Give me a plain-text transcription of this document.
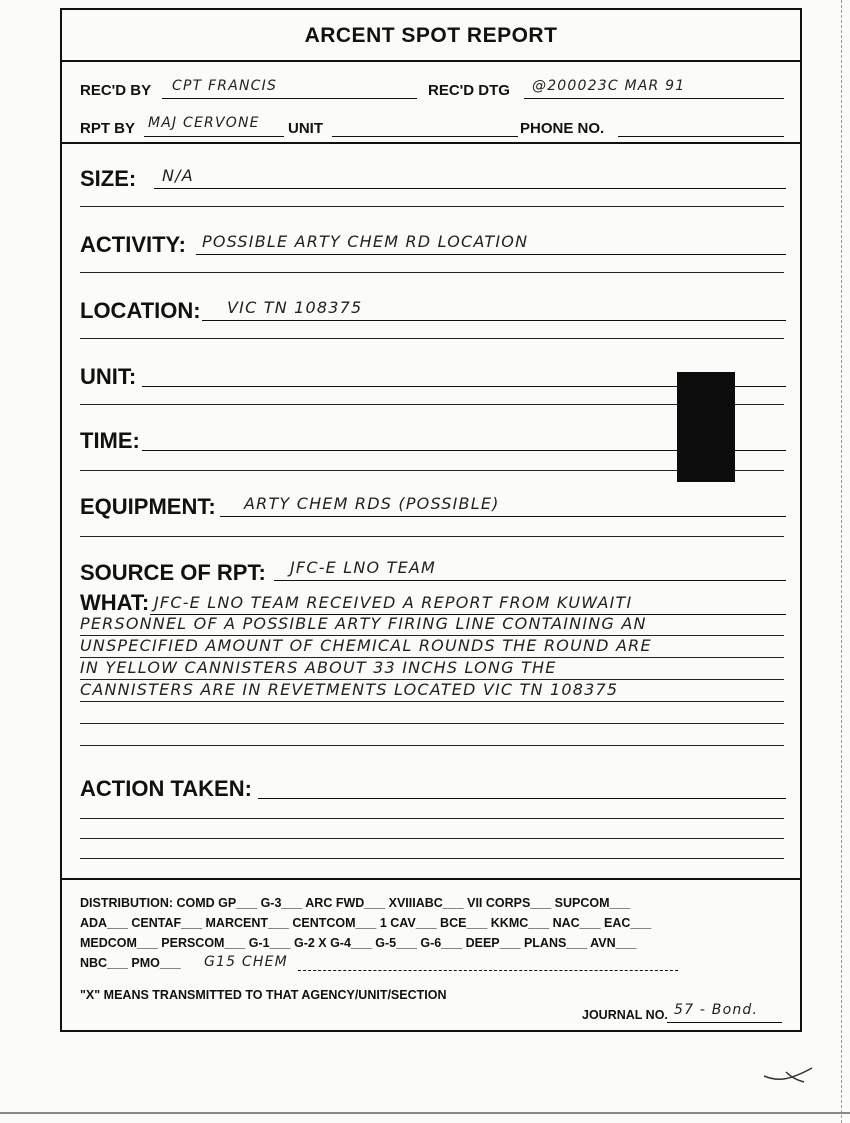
ARCENT SPOT REPORT
REC'D BY CPT FRANCIS	REC'D DTG @200023C MAR 91
RPT BY MAJ CERVONE UNIT	PHONE NO.
SIZE: N/A
ACTIVITY: POSSIBLE ARTY CHEM RD LOCATION
LOCATION: VIC TN 108375
UNIT:
TIME:
EQUIPMENT: ARTY CHEM RDS (POSSIBLE)
SOURCE OF RPT: JFC-E LNO TEAM
WHAT: JFC-E LNO TEAM RECEIVED A REPORT FROM KUWAITI
PERSONNEL OF A POSSIBLE ARTY FIRING LINE CONTAINING AN
UNSPECIFIED AMOUNT OF CHEMICAL ROUNDS THE ROUND ARE
IN YELLOW CANNISTERS ABOUT 33 INCHS LONG THE
CANNISTERS ARE IN REVETMENTS LOCATED VIC TN 108375
ACTION TAKEN:
DISTRIBUTION: COMD GP___ G-3___ ARC FWD___ XVIIIABC___ VII CORPS___ SUPCOM___
ADA___ CENTAF___ MARCENT___ CENTCOM___ 1 CAV___ BCE___ KKMC___ NAC___ EAC___
MEDCOM___ PERSCOM___ G-1___ G-2 X G-4___ G-5___ G-6___ DEEP___ PLANS___ AVN___
NBC___ PMO___ G15 CHEM
"X" MEANS TRANSMITTED TO THAT AGENCY/UNIT/SECTION
JOURNAL NO. 57 - Bond.
